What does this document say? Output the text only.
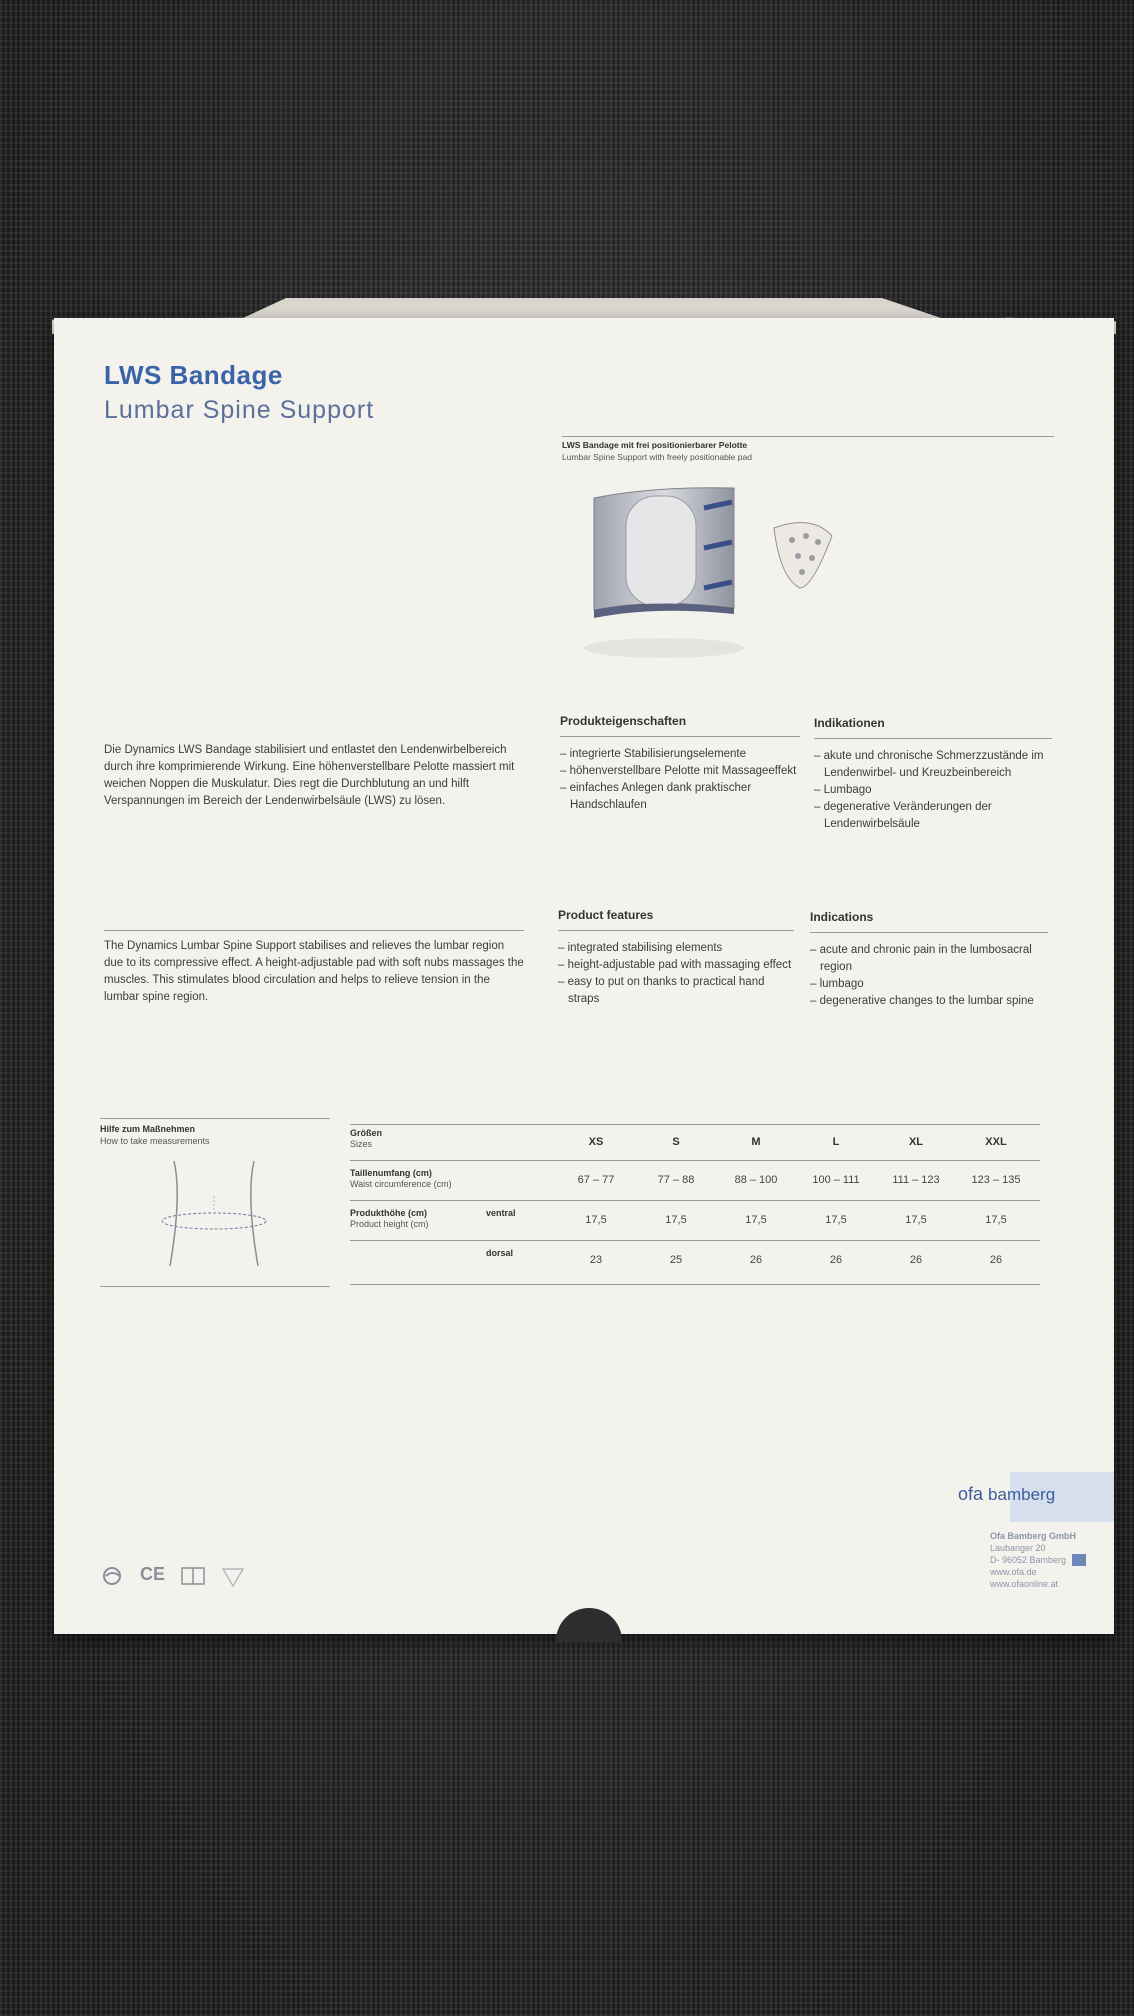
LWS Bandage
Lumbar Spine Support
LWS Bandage mit frei positionierbarer Pelotte
Lumbar Spine Support with freely positionable pad
Produkteigenschaften
– integrierte Stabilisierungselemente
– höhenverstellbare Pelotte mit Massageeffekt
– einfaches Anlegen dank praktischer Handschlaufen
Indikationen
– akute und chronische Schmerzzustände im Lendenwirbel- und Kreuzbeinbereich
– Lumbago
– degenerative Veränderungen der Lendenwirbelsäule
Die Dynamics LWS Bandage stabilisiert und entlastet den Lendenwirbelbereich durch ihre komprimierende Wirkung. Eine höhenverstellbare Pelotte massiert mit weichen Noppen die Muskulatur. Dies regt die Durchblutung an und hilft Verspannungen im Bereich der Lendenwirbelsäule (LWS) zu lösen.
Product features
– integrated stabilising elements
– height-adjustable pad with massaging effect
– easy to put on thanks to practical hand straps
Indications
– acute and chronic pain in the lumbosacral region
– lumbago
– degenerative changes to the lumbar spine
The Dynamics Lumbar Spine Support stabilises and relieves the lumbar region due to its compressive effect. A height-adjustable pad with soft nubs massages the muscles. This stimulates blood circulation and helps to relieve tension in the lumbar spine region.
Hilfe zum Maßnehmen
How to take measurements
Größen
Sizes	XS	S	M	L	XL	XXL
Taillenumfang (cm)
Waist circumference (cm)	67 – 77	77 – 88	88 – 100	100 – 111	111 – 123	123 – 135
Produkthöhe (cm)
Product height (cm)
ventral
17,5	17,5	17,5	17,5	17,5	17,5
dorsal
23	25	26	26	26	26
CE
ofa bamberg
Ofa Bamberg GmbH
Laubanger 20
D- 96052 Bamberg
www.ofa.de
www.ofaonline.at
